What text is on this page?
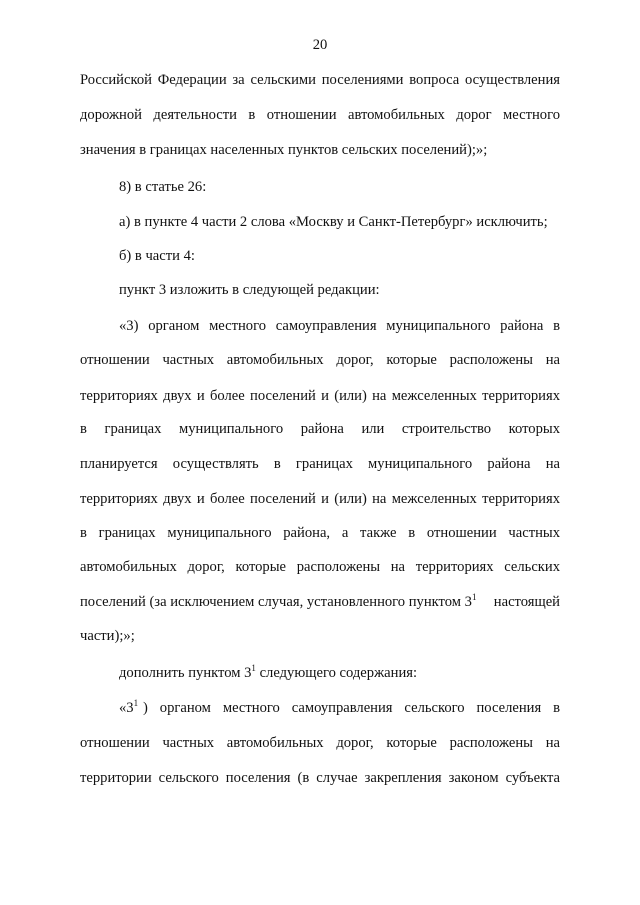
20
Российской Федерации за сельскими поселениями вопроса осуществления
дорожной деятельности в отношении автомобильных дорог местного
значения в границах населенных пунктов сельских поселений);»;
8) в статье 26:
а) в пункте 4 части 2 слова «Москву и Санкт-Петербург» исключить;
б) в части 4:
пункт 3 изложить в следующей редакции:
«3) органом местного самоуправления муниципального района в
отношении частных автомобильных дорог, которые расположены на
территориях двух и более поселений и (или) на межселенных территориях
в границах муниципального района или строительство которых
планируется осуществлять в границах муниципального района на
территориях двух и более поселений и (или) на межселенных территориях
в границах муниципального района, а также в отношении частных
автомобильных дорог, которые расположены на территориях сельских
поселений (за исключением случая, установленного пунктом $3^1$ настоящей
части);»;
дополнить пунктом $3^1$ следующего содержания:
«$3^1$ ) органом местного самоуправления сельского поселения в
отношении частных автомобильных дорог, которые расположены на
территории сельского поселения (в случае закрепления законом субъекта
